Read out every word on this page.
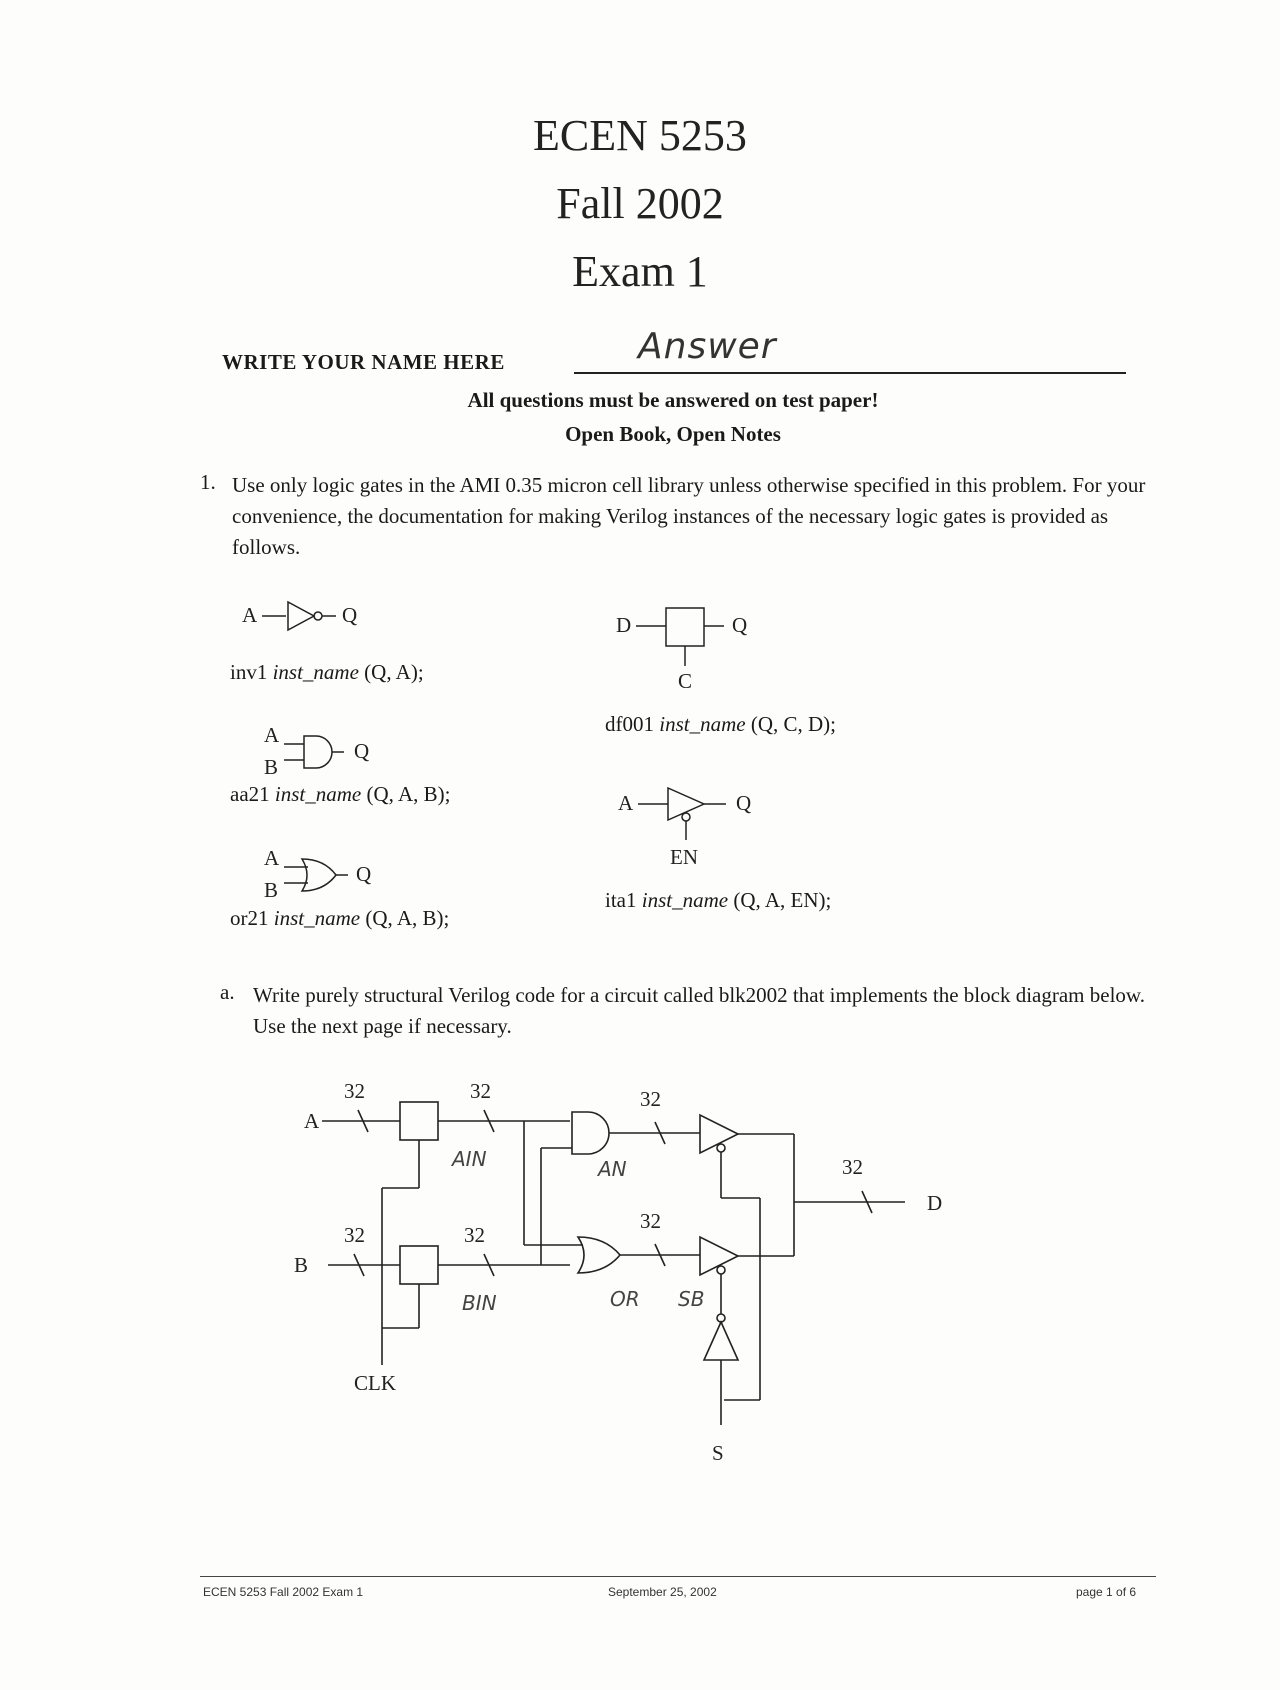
ECEN 5253
Fall 2002
Exam 1
WRITE YOUR NAME HERE	Answer
All questions must be answered on test paper!
Open Book, Open Notes
1. Use only logic gates in the AMI 0.35 micron cell library unless otherwise specified in this problem. For your convenience, the documentation for making Verilog instances of the necessary logic gates is provided as follows.
A	Q
inv1 inst_name (Q, A);
A
B
Q
aa21 inst_name (Q, A, B);
A
B
Q
or21 inst_name (Q, A, B);
D	Q
C
df001 inst_name (Q, C, D);
A	Q
EN
ita1 inst_name (Q, A, EN);
a. Write purely structural Verilog code for a circuit called blk2002 that implements the block diagram below. Use the next page if necessary.
32	32	32
32	32
32
32
A
B
CLK
S
D
AIN
BIN
AN
OR SB
ECEN 5253 Fall 2002 Exam 1	September 25, 2002	page 1 of 6
